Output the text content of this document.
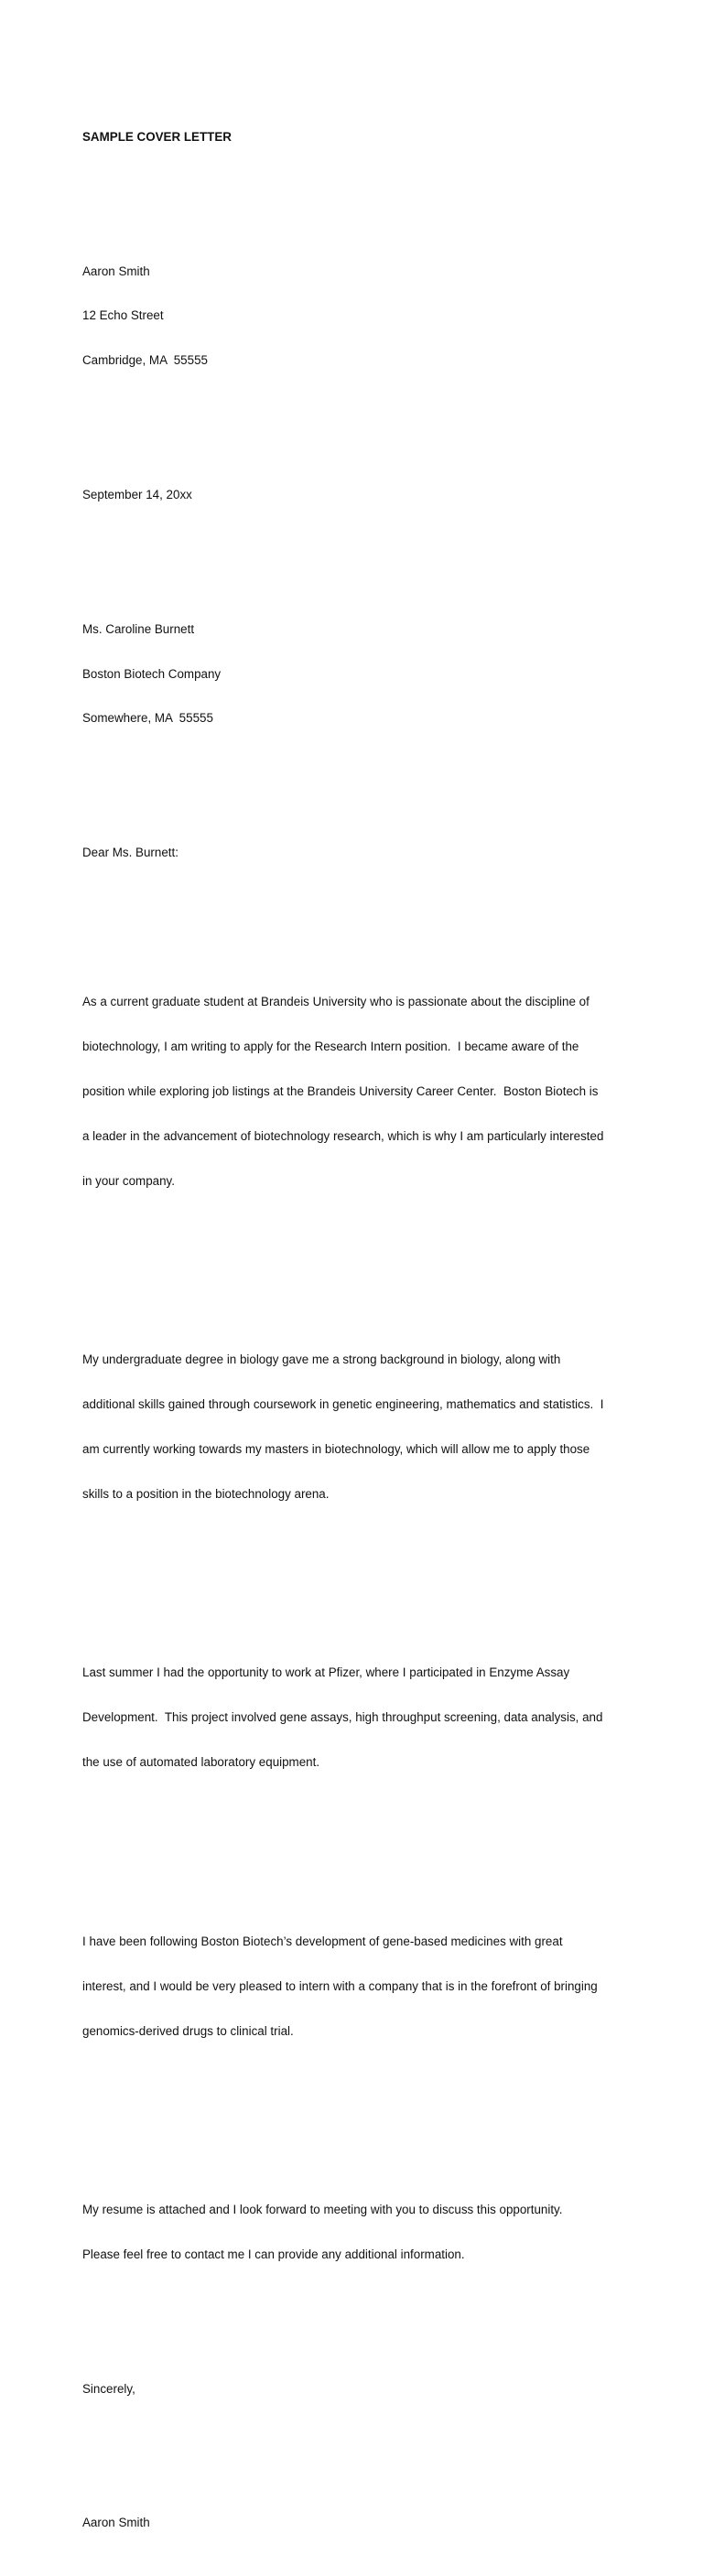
SAMPLE COVER LETTER

Aaron Smith

12 Echo Street

Cambridge, MA  55555

September 14, 20xx

Ms. Caroline Burnett

Boston Biotech Company

Somewhere, MA  55555

Dear Ms. Burnett:

As a current graduate student at Brandeis University who is passionate about the discipline of

biotechnology, I am writing to apply for the Research Intern position.  I became aware of the

position while exploring job listings at the Brandeis University Career Center.  Boston Biotech is

a leader in the advancement of biotechnology research, which is why I am particularly interested

in your company.

My undergraduate degree in biology gave me a strong background in biology, along with

additional skills gained through coursework in genetic engineering, mathematics and statistics.  I

am currently working towards my masters in biotechnology, which will allow me to apply those

skills to a position in the biotechnology arena.

Last summer I had the opportunity to work at Pfizer, where I participated in Enzyme Assay

Development.  This project involved gene assays, high throughput screening, data analysis, and

the use of automated laboratory equipment.

I have been following Boston Biotech’s development of gene-based medicines with great

interest, and I would be very pleased to intern with a company that is in the forefront of bringing

genomics-derived drugs to clinical trial.

My resume is attached and I look forward to meeting with you to discuss this opportunity.

Please feel free to contact me I can provide any additional information.

Sincerely,

Aaron Smith
